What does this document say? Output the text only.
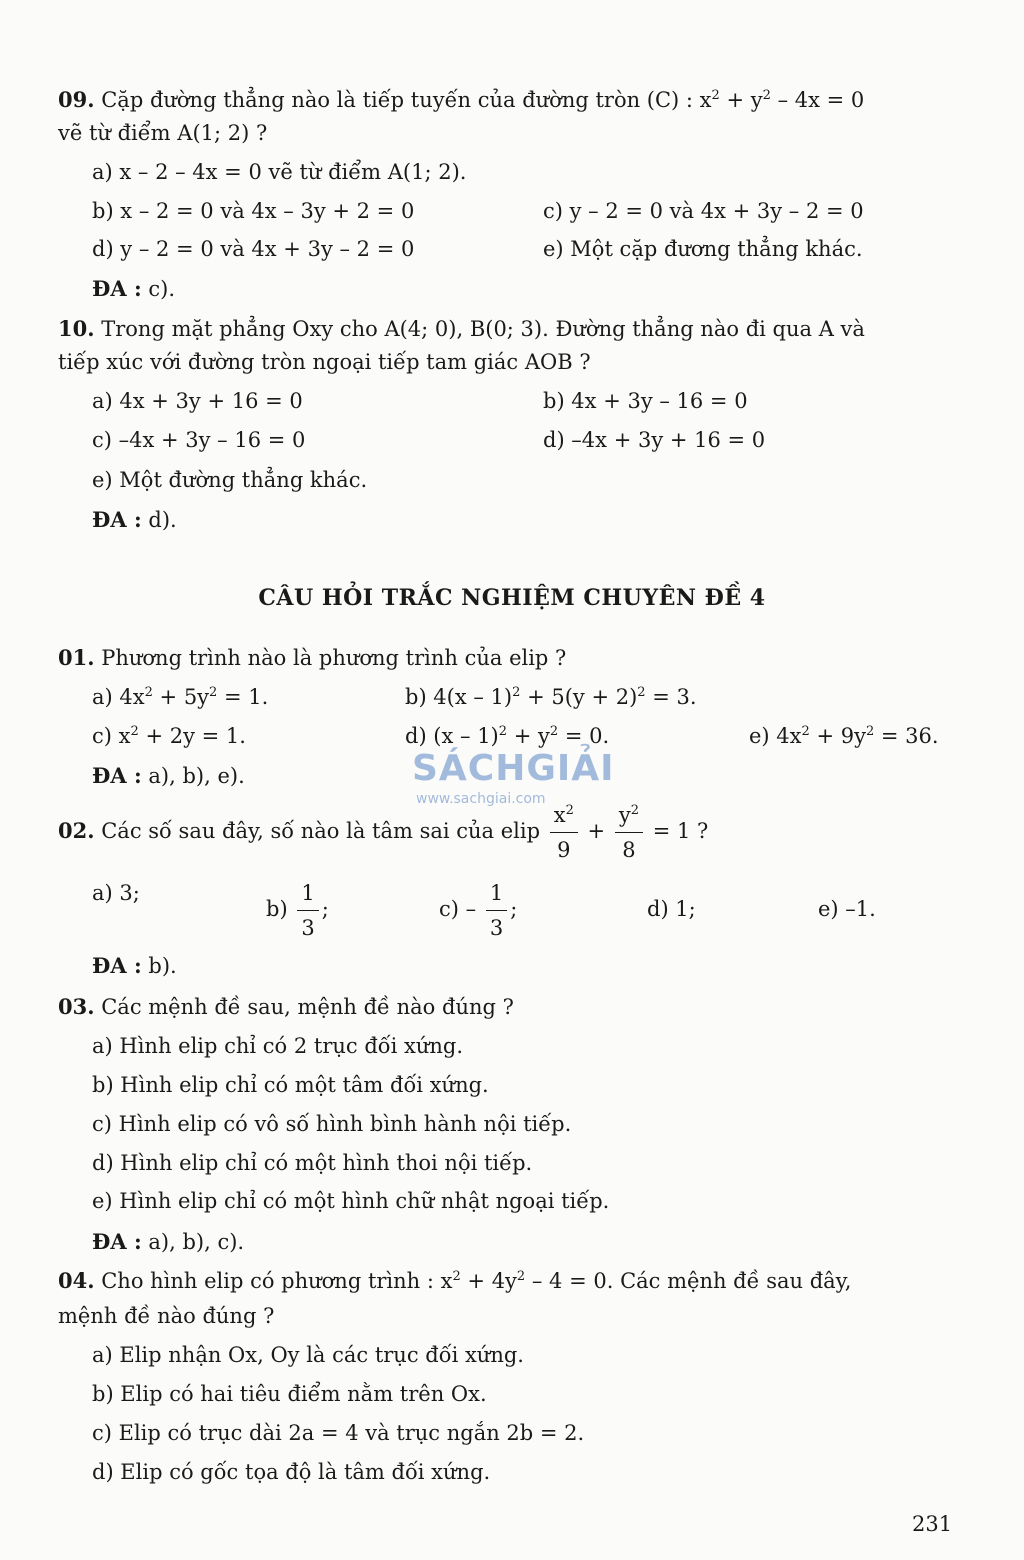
09. Cặp đường thẳng nào là tiếp tuyến của đường tròn (C) : $x^2 + y^2 - 4x = 0$
vẽ từ điểm A(1; 2) ?
a) x – 2 – 4x = 0 vẽ từ điểm A(1; 2).
b) x – 2 = 0 và 4x – 3y + 2 = 0	c) y – 2 = 0 và 4x + 3y – 2 = 0
d) y – 2 = 0 và 4x + 3y – 2 = 0	e) Một cặp đương thẳng khác.
ĐA : c).
10. Trong mặt phẳng Oxy cho A(4; 0), B(0; 3). Đường thẳng nào đi qua A và
tiếp xúc với đường tròn ngoại tiếp tam giác AOB ?
a) 4x + 3y + 16 = 0	b) 4x + 3y – 16 = 0
c) –4x + 3y – 16 = 0	d) –4x + 3y + 16 = 0
e) Một đường thẳng khác.
ĐA : d).
CÂU HỎI TRẮC NGHIỆM CHUYÊN ĐỀ 4
01. Phương trình nào là phương trình của elip ?
a) $4x^2 + 5y^2 = 1$.	b) $4(x - 1)^2 + 5(y + 2)^2 = 3$.
c) $x^2 + 2y = 1$.	d) $(x - 1)^2 + y^2 = 0$.	e) $4x^2 + 9y^2 = 36$.
ĐA : a), b), e).
02. Các số sau đây, số nào là tâm sai của elip $\frac{x^2}{9} + \frac{y^2}{8} = 1$ ?
a) 3;
$b) \frac{1}{3}$ ;	$c) - \frac{1}{3}$ ;	d) 1;	e) –1.
ĐA : b).
03. Các mệnh đề sau, mệnh đề nào đúng ?
a) Hình elip chỉ có 2 trục đối xứng.
b) Hình elip chỉ có một tâm đối xứng.
c) Hình elip có vô số hình bình hành nội tiếp.
d) Hình elip chỉ có một hình thoi nội tiếp.
e) Hình elip chỉ có một hình chữ nhật ngoại tiếp.
ĐA : a), b), c).
04. Cho hình elip có phương trình : $x^2 + 4y^2 - 4 = 0$. Các mệnh đề sau đây,
mệnh đề nào đúng ?
a) Elip nhận Ox, Oy là các trục đối xứng.
b) Elip có hai tiêu điểm nằm trên Ox.
c) Elip có trục dài 2a = 4 và trục ngắn 2b = 2.
d) Elip có gốc tọa độ là tâm đối xứng.
SÁCHGIẢI
www.sachgiai.com
231
